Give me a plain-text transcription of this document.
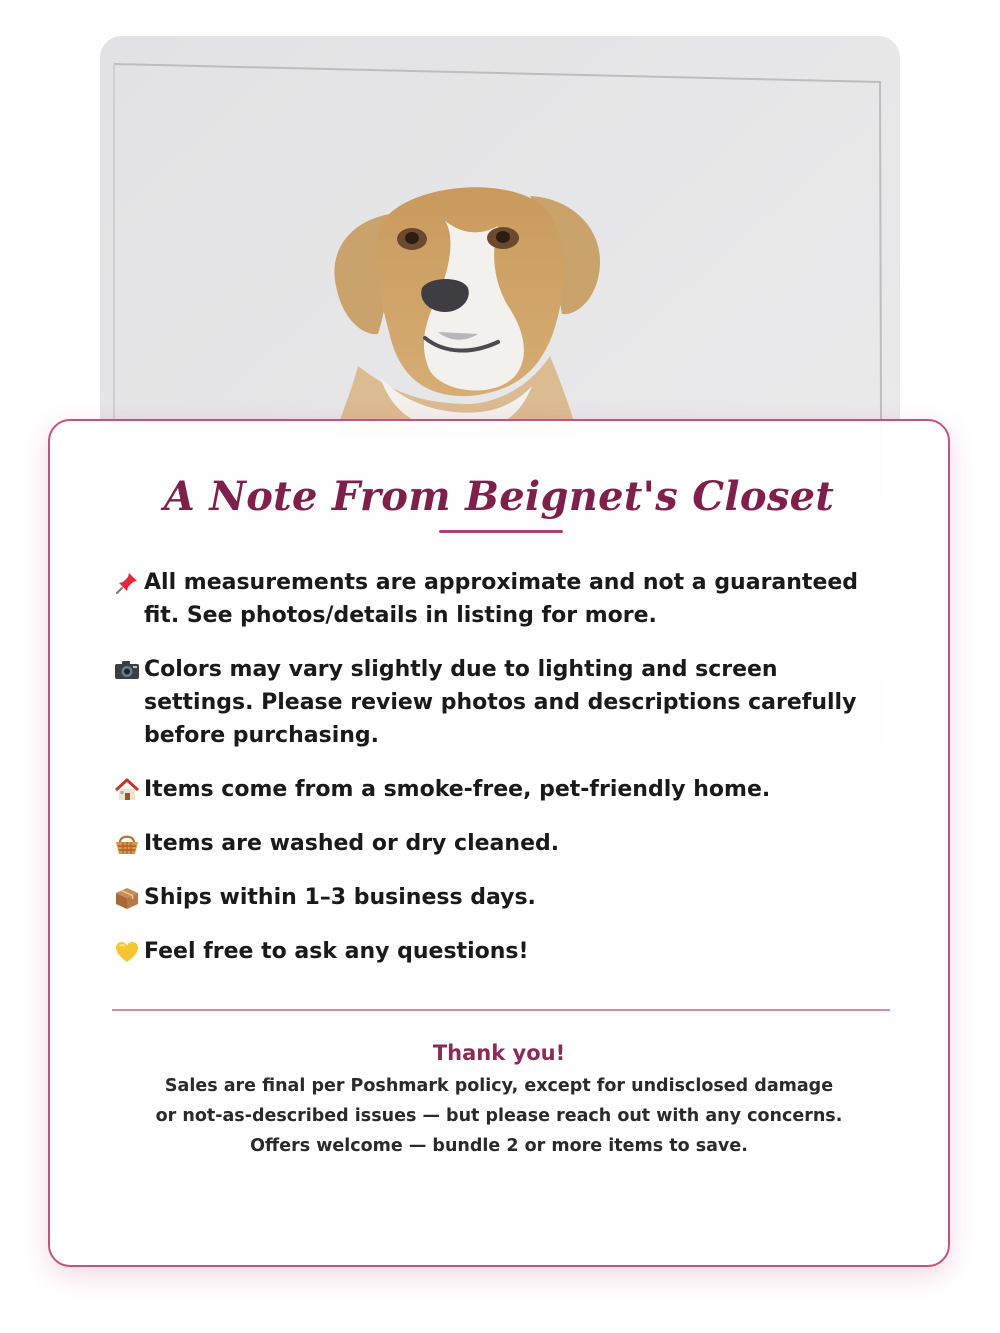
A Note From Beignet's Closet
All measurements are approximate and not a guaranteed fit. See photos/details in listing for more.
Colors may vary slightly due to lighting and screen settings. Please review photos and descriptions carefully before purchasing.
Items come from a smoke-free, pet-friendly home.
Items are washed or dry cleaned.
Ships within 1–3 business days.
Feel free to ask any questions!
Thank you!

Sales are final per Poshmark policy, except for undisclosed damage

or not-as-described issues — but please reach out with any concerns.

Offers welcome — bundle 2 or more items to save.
